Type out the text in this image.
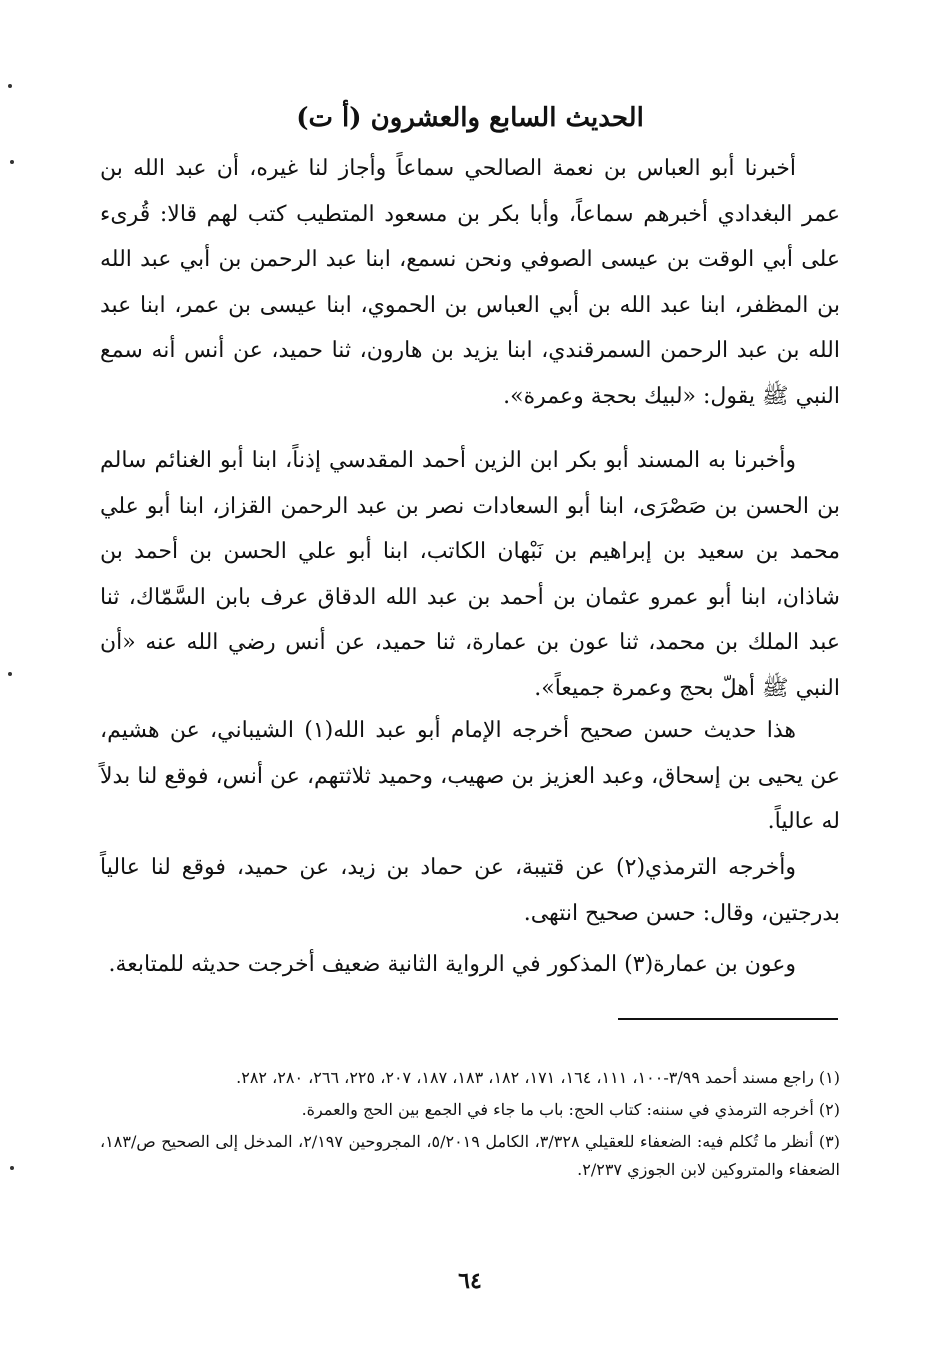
الحديث السابع والعشرون (أ ت)
أخبرنا أبو العباس بن نعمة الصالحي سماعاً وأجاز لنا غيره، أن عبد الله بن عمر البغدادي أخبرهم سماعاً، وأبا بكر بن مسعود المتطيب كتب لهم قالا: قُرىء على أبي الوقت بن عيسى الصوفي ونحن نسمع، ابنا عبد الرحمن بن أبي عبد الله بن المظفر، ابنا عبد الله بن أبي العباس بن الحموي، ابنا عيسى بن عمر، ابنا عبد الله بن عبد الرحمن السمرقندي، ابنا يزيد بن هارون، ثنا حميد، عن أنس أنه سمع النبي ﷺ يقول: «لبيك بحجة وعمرة».
وأخبرنا به المسند أبو بكر ابن الزين أحمد المقدسي إذناً، ابنا أبو الغنائم سالم بن الحسن بن صَصْرَى، ابنا أبو السعادات نصر بن عبد الرحمن القزاز، ابنا أبو علي محمد بن سعيد بن إبراهيم بن نَبْهان الكاتب، ابنا أبو علي الحسن بن أحمد بن شاذان، ابنا أبو عمرو عثمان بن أحمد بن عبد الله الدقاق عرف بابن السَّمّاك، ثنا عبد الملك بن محمد، ثنا عون بن عمارة، ثنا حميد، عن أنس رضي الله عنه «أن النبي ﷺ أهلّ بحج وعمرة جميعاً».
هذا حديث حسن صحيح أخرجه الإمام أبو عبد الله(١) الشيباني، عن هشيم، عن يحيى بن إسحاق، وعبد العزيز بن صهيب، وحميد ثلاثتهم، عن أنس، فوقع لنا بدلاً له عالياً.
وأخرجه الترمذي(٢) عن قتيبة، عن حماد بن زيد، عن حميد، فوقع لنا عالياً بدرجتين، وقال: حسن صحيح انتهى.
وعون بن عمارة(٣) المذكور في الرواية الثانية ضعيف أخرجت حديثه للمتابعة.

(١) راجع مسند أحمد ٣/٩٩-١٠٠، ١١١، ١٦٤، ١٧١، ١٨٢، ١٨٣، ١٨٧، ٢٠٧، ٢٢٥، ٢٦٦، ٢٨٠، ٢٨٢.

(٢) أخرجه الترمذي في سننه: كتاب الحج: باب ما جاء في الجمع بين الحج والعمرة.

(٣) أنظر ما تُكلم فيه: الضعفاء للعقيلي ٣/٣٢٨، الكامل ٥/٢٠١٩، المجروحين ٢/١٩٧، المدخل إلى الصحيح ص/١٨٣، الضعفاء والمتروكين لابن الجوزي ٢/٢٣٧.

٦٤
